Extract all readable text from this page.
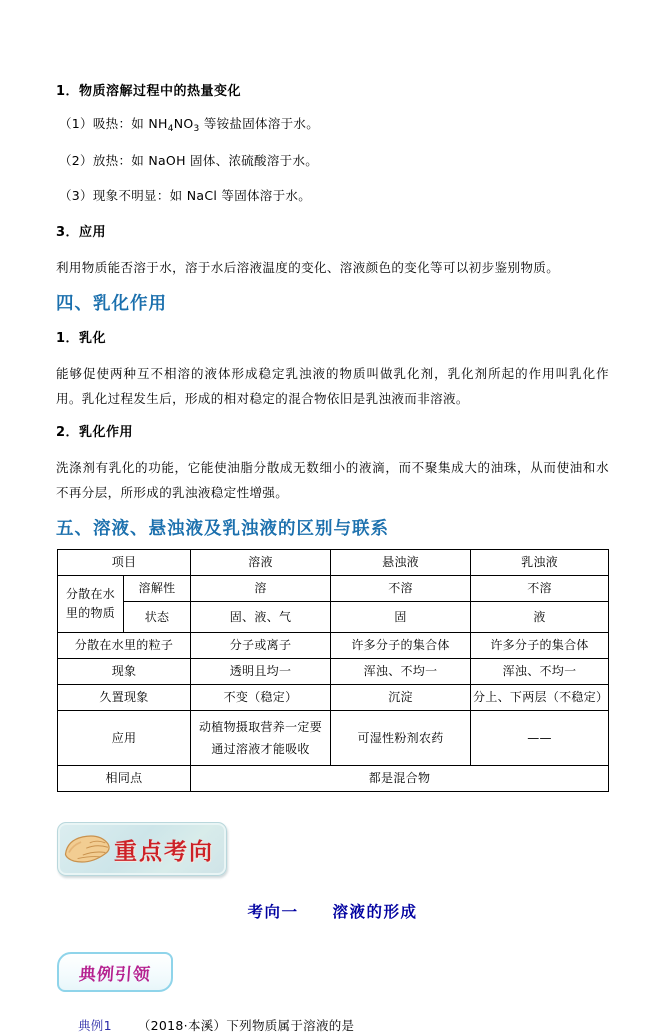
1．物质溶解过程中的热量变化
（1）吸热：如 $NH_4NO_3$ 等铵盐固体溶于水。
（2）放热：如 NaOH 固体、浓硫酸溶于水。
（3）现象不明显：如 NaCl 等固体溶于水。
3．应用
利用物质能否溶于水，溶于水后溶液温度的变化、溶液颜色的变化等可以初步鉴别物质。
四、乳化作用
1．乳化
能够促使两种互不相溶的液体形成稳定乳浊液的物质叫做乳化剂，乳化剂所起的作用叫乳化作用。乳化过程发生后，形成的相对稳定的混合物依旧是乳浊液而非溶液。
2．乳化作用
洗涤剂有乳化的功能，它能使油脂分散成无数细小的液滴，而不聚集成大的油珠，从而使油和水不再分层，所形成的乳浊液稳定性增强。
五、溶液、悬浊液及乳浊液的区别与联系
项目		溶液	悬浊液	乳浊液
分散在水里的物质	溶解性	溶	不溶	不溶
	状态	固、液、气	固	液
分散在水里的粒子		分子或离子	许多分子的集合体	许多分子的集合体
现象		透明且均一	浑浊、不均一	浑浊、不均一
久置现象		不变（稳定）	沉淀	分上、下两层（不稳定）
应用		动植物摄取营养一定要通过溶液才能吸收	可湿性粉剂农药	——
相同点		都是混合物		
重点考向
考向一 溶液的形成
典例引领
典例1 （2018·本溪）下列物质属于溶液的是
